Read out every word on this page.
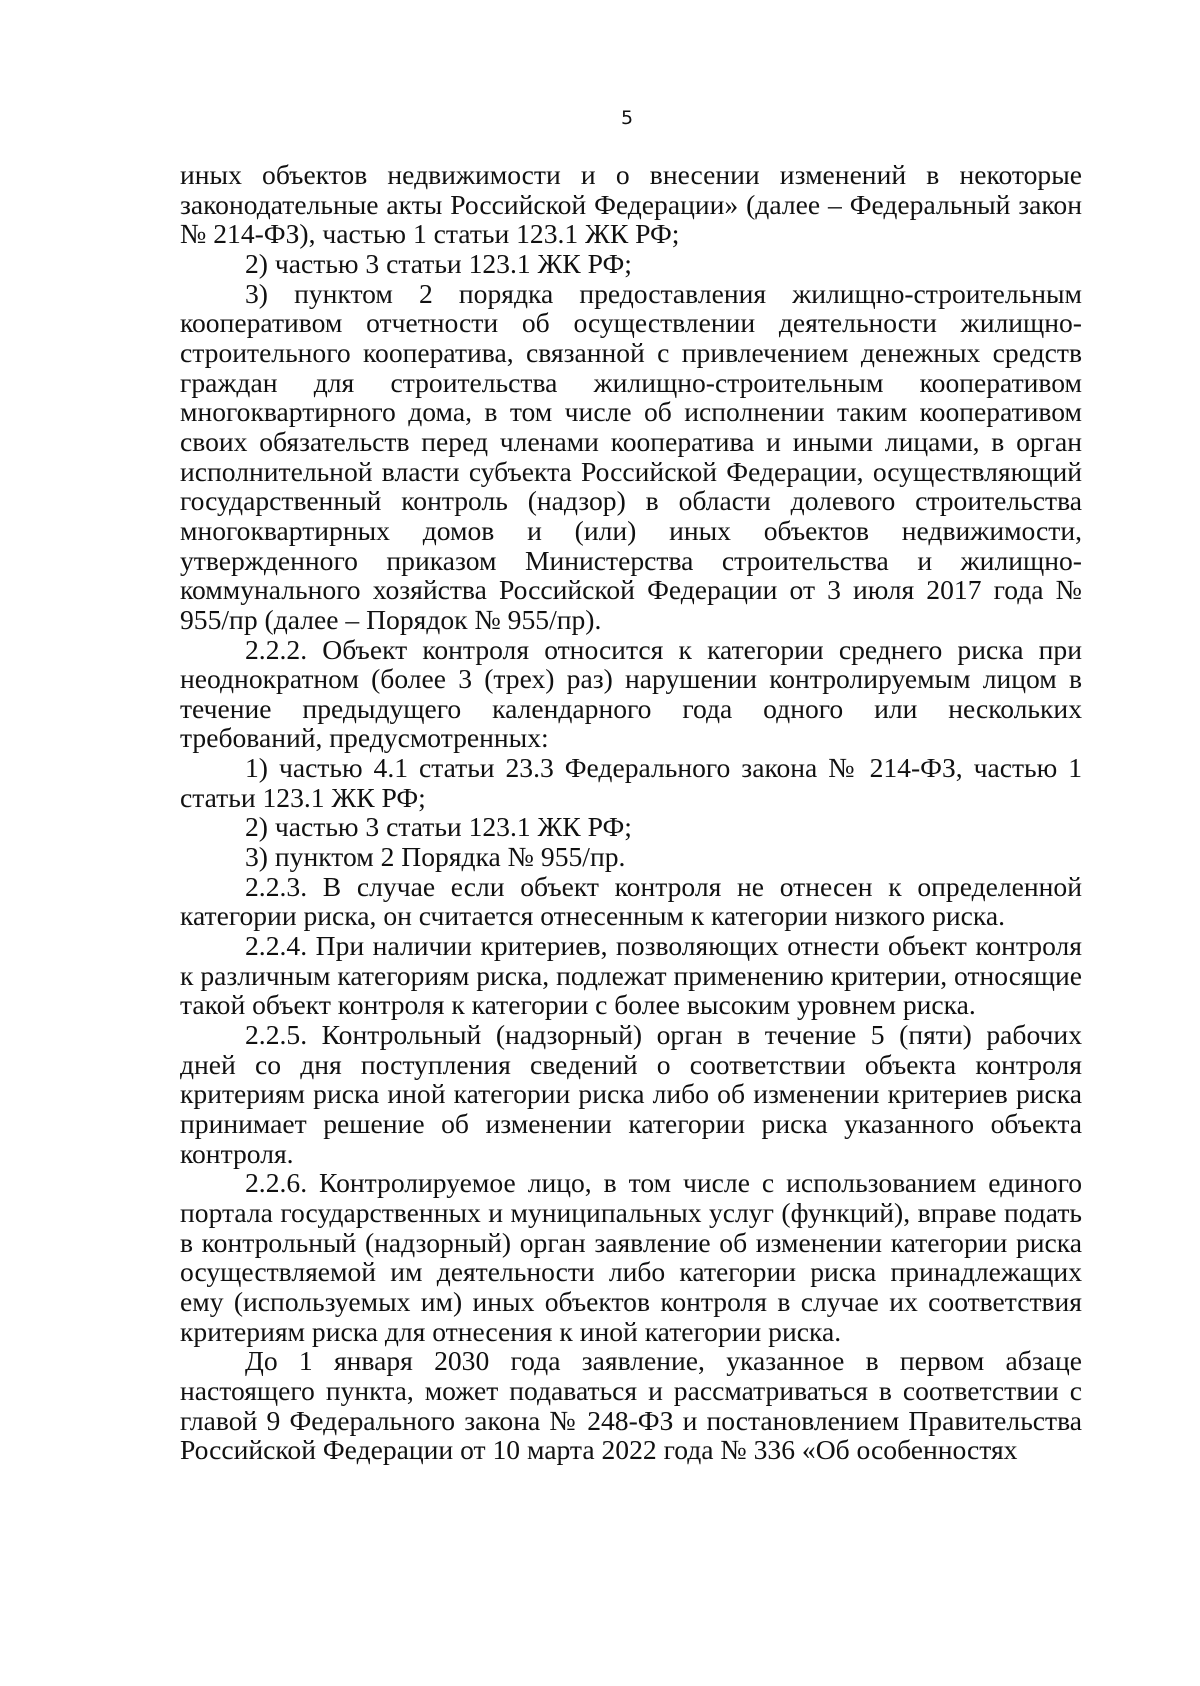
5

иных объектов недвижимости и о внесении изменений в некоторые законодательные акты Российской Федерации» (далее – Федеральный закон № 214-ФЗ), частью 1 статьи 123.1 ЖК РФ;

2) частью 3 статьи 123.1 ЖК РФ;

3) пунктом 2 порядка предоставления жилищно-строительным кооперативом отчетности об осуществлении деятельности жилищно-строительного кооператива, связанной с привлечением денежных средств граждан для строительства жилищно-строительным кооперативом многоквартирного дома, в том числе об исполнении таким кооперативом своих обязательств перед членами кооператива и иными лицами, в орган исполнительной власти субъекта Российской Федерации, осуществляющий государственный контроль (надзор) в области долевого строительства многоквартирных домов и (или) иных объектов недвижимости, утвержденного приказом Министерства строительства и жилищно-коммунального хозяйства Российской Федерации от 3 июля 2017 года № 955/пр (далее – Порядок № 955/пр).

2.2.2. Объект контроля относится к категории среднего риска при неоднократном (более 3 (трех) раз) нарушении контролируемым лицом в течение предыдущего календарного года одного или нескольких требований, предусмотренных:

1) частью 4.1 статьи 23.3 Федерального закона № 214-ФЗ, частью 1 статьи 123.1 ЖК РФ;

2) частью 3 статьи 123.1 ЖК РФ;

3) пунктом 2 Порядка № 955/пр.

2.2.3. В случае если объект контроля не отнесен к определенной категории риска, он считается отнесенным к категории низкого риска.

2.2.4. При наличии критериев, позволяющих отнести объект контроля к различным категориям риска, подлежат применению критерии, относящие такой объект контроля к категории с более высоким уровнем риска.

2.2.5. Контрольный (надзорный) орган в течение 5 (пяти) рабочих дней со дня поступления сведений о соответствии объекта контроля критериям риска иной категории риска либо об изменении критериев риска принимает решение об изменении категории риска указанного объекта контроля.

2.2.6. Контролируемое лицо, в том числе с использованием единого портала государственных и муниципальных услуг (функций), вправе подать в контрольный (надзорный) орган заявление об изменении категории риска осуществляемой им деятельности либо категории риска принадлежащих ему (используемых им) иных объектов контроля в случае их соответствия критериям риска для отнесения к иной категории риска.

До 1 января 2030 года заявление, указанное в первом абзаце настоящего пункта, может подаваться и рассматриваться в соответствии с главой 9 Федерального закона № 248-ФЗ и постановлением Правительства Российской Федерации от 10 марта 2022 года № 336 «Об особенностях
